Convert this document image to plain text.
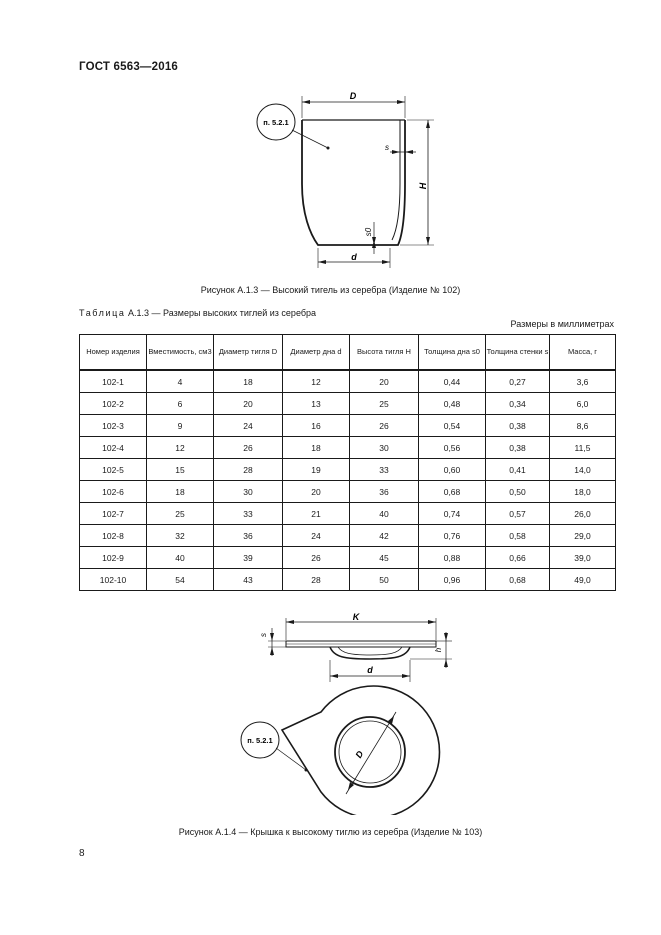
ГОСТ 6563—2016
D
H
s
s0
d
п. 5.2.1
Рисунок А.1.3 — Высокий тигель из серебра (Изделие № 102)
Таблица А.1.3 — Размеры высоких тиглей из серебра
Размеры в миллиметрах
Номер изделия	Вместимость, см3	Диаметр тигля D	Диаметр дна d	Высота тигля H	Толщина дна s0	Толщина стенки s	Масса, г
102-1	4	18	12	20	0,44	0,27	3,6
102-2	6	20	13	25	0,48	0,34	6,0
102-3	9	24	16	26	0,54	0,38	8,6
102-4	12	26	18	30	0,56	0,38	11,5
102-5	15	28	19	33	0,60	0,41	14,0
102-6	18	30	20	36	0,68	0,50	18,0
102-7	25	33	21	40	0,74	0,57	26,0
102-8	32	36	24	42	0,76	0,58	29,0
102-9	40	39	26	45	0,88	0,66	39,0
102-10	54	43	28	50	0,96	0,68	49,0
K
s
h
d
D
п. 5.2.1
Рисунок А.1.4 — Крышка к высокому тиглю из серебра (Изделие № 103)
8
